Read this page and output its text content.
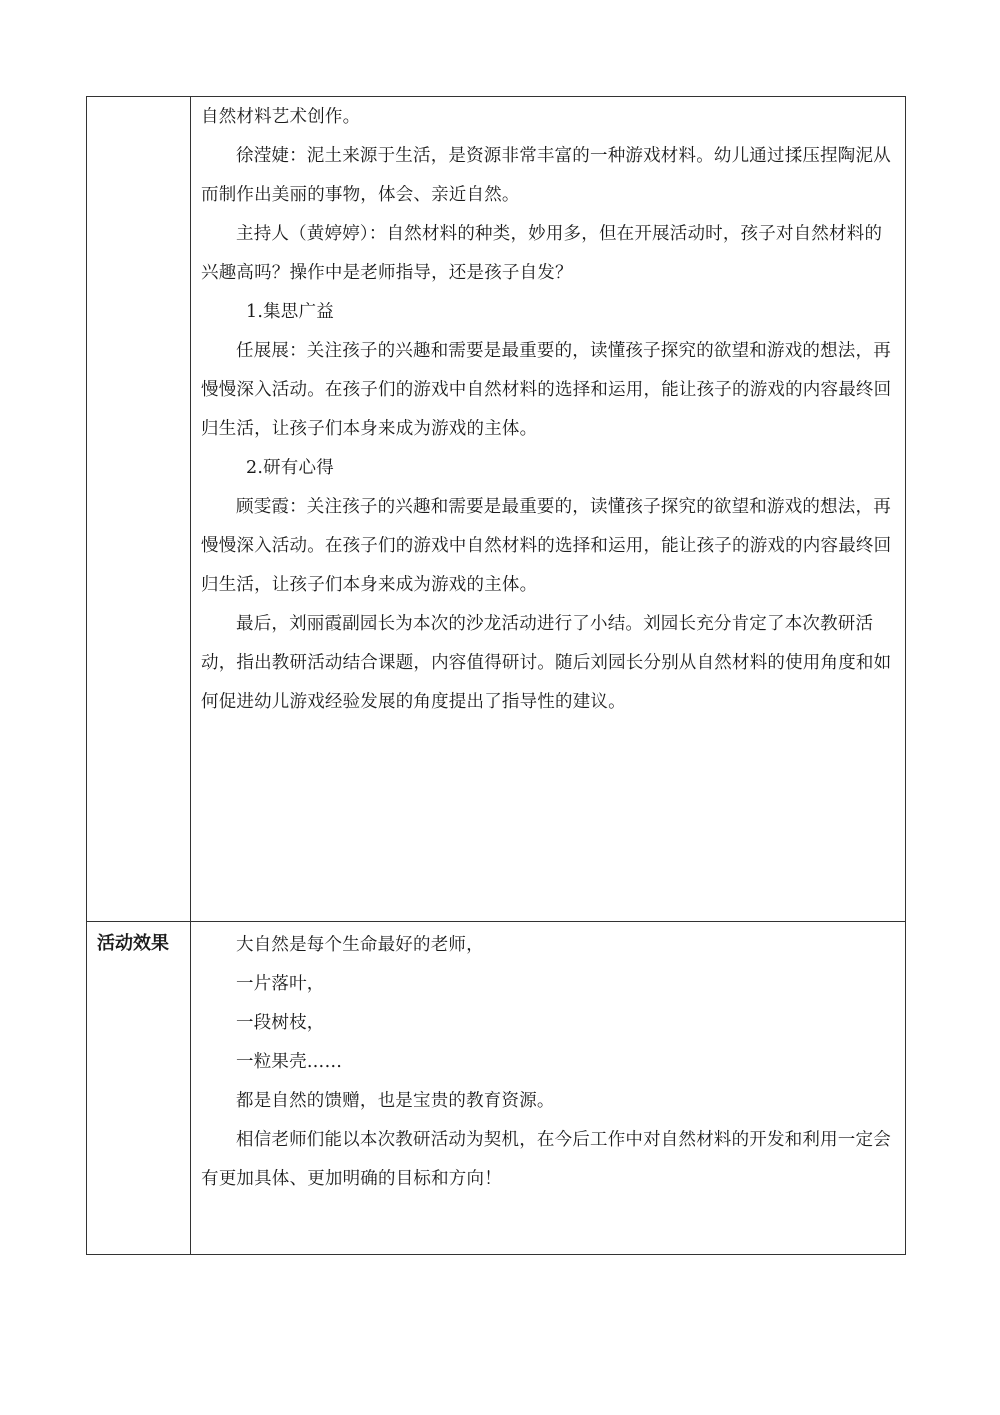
自然材料艺术创作。

徐滢婕：泥土来源于生活，是资源非常丰富的一种游戏材料。幼儿通过揉压捏陶泥从而制作出美丽的事物，体会、亲近自然。

主持人（黄婷婷）：自然材料的种类，妙用多，但在开展活动时，孩子对自然材料的兴趣高吗？操作中是老师指导，还是孩子自发？

1.集思广益

任展展：关注孩子的兴趣和需要是最重要的，读懂孩子探究的欲望和游戏的想法，再慢慢深入活动。在孩子们的游戏中自然材料的选择和运用，能让孩子的游戏的内容最终回归生活，让孩子们本身来成为游戏的主体。

2.研有心得

顾雯霞：关注孩子的兴趣和需要是最重要的，读懂孩子探究的欲望和游戏的想法，再慢慢深入活动。在孩子们的游戏中自然材料的选择和运用，能让孩子的游戏的内容最终回归生活，让孩子们本身来成为游戏的主体。

最后，刘丽霞副园长为本次的沙龙活动进行了小结。刘园长充分肯定了本次教研活动，指出教研活动结合课题，内容值得研讨。随后刘园长分别从自然材料的使用角度和如何促进幼儿游戏经验发展的角度提出了指导性的建议。

活动效果	大自然是每个生命最好的老师，

一片落叶，

一段树枝，

一粒果壳……

都是自然的馈赠，也是宝贵的教育资源。

相信老师们能以本次教研活动为契机，在今后工作中对自然材料的开发和利用一定会有更加具体、更加明确的目标和方向！
